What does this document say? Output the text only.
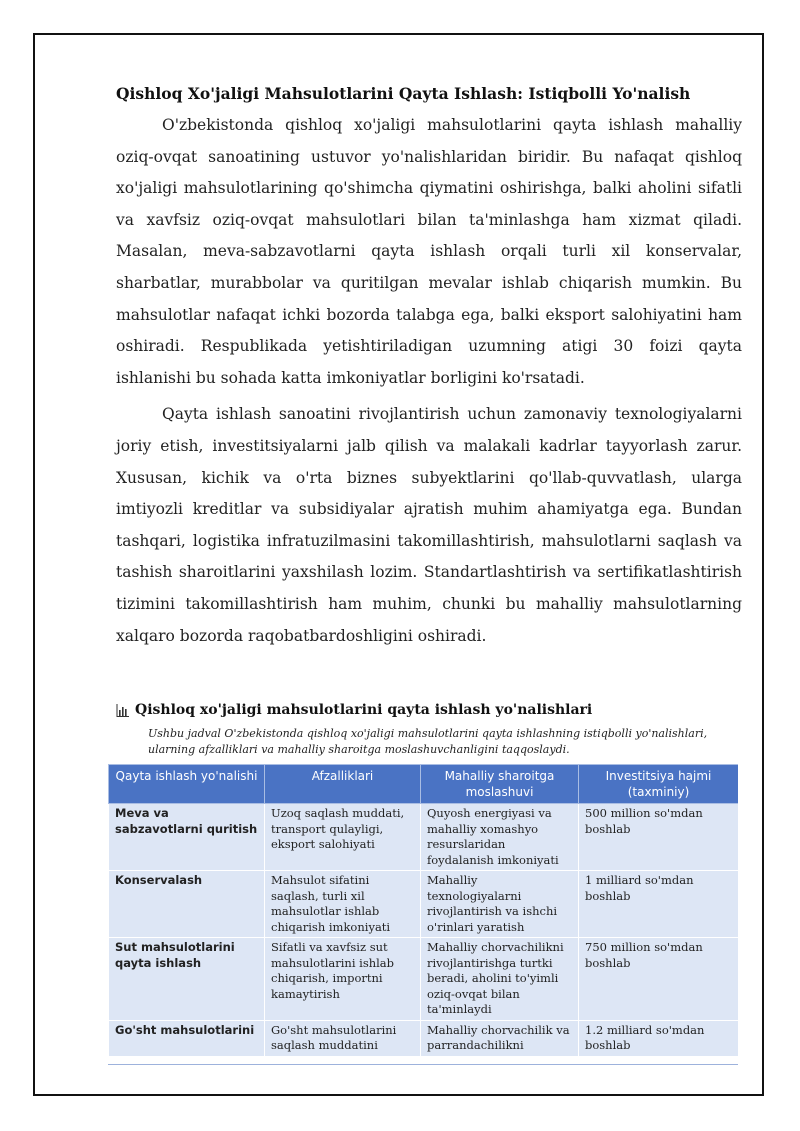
Qishloq Xo'jaligi Mahsulotlarini Qayta Ishlash: Istiqbolli Yo'nalish

O'zbekistonda qishloq xo'jaligi mahsulotlarini qayta ishlash mahalliy oziq-ovqat sanoatining ustuvor yo'nalishlaridan biridir. Bu nafaqat qishloq xo'jaligi mahsulotlarining qo'shimcha qiymatini oshirishga, balki aholini sifatli va xavfsiz oziq-ovqat mahsulotlari bilan ta'minlashga ham xizmat qiladi. Masalan, meva-sabzavotlarni qayta ishlash orqali turli xil konservalar, sharbatlar, murabbolar va quritilgan mevalar ishlab chiqarish mumkin. Bu mahsulotlar nafaqat ichki bozorda talabga ega, balki eksport salohiyatini ham oshiradi. Respublikada yetishtiriladigan uzumning atigi 30 foizi qayta ishlanishi bu sohada katta imkoniyatlar borligini ko'rsatadi.

Qayta ishlash sanoatini rivojlantirish uchun zamonaviy texnologiyalarni joriy etish, investitsiyalarni jalb qilish va malakali kadrlar tayyorlash zarur. Xususan, kichik va o'rta biznes subyektlarini qo'llab-quvvatlash, ularga imtiyozli kreditlar va subsidiyalar ajratish muhim ahamiyatga ega. Bundan tashqari, logistika infratuzilmasini takomillashtirish, mahsulotlarni saqlash va tashish sharoitlarini yaxshilash lozim. Standartlashtirish va sertifikatlashtirish tizimini takomillashtirish ham muhim, chunki bu mahalliy mahsulotlarning xalqaro bozorda raqobatbardoshligini oshiradi.

Qishloq xo'jaligi mahsulotlarini qayta ishlash yo'nalishlari

Ushbu jadval O'zbekistonda qishloq xo'jaligi mahsulotlarini qayta ishlashning istiqbolli yo'nalishlari, ularning afzalliklari va mahalliy sharoitga moslashuvchanligini taqqoslaydi.

Qayta ishlash yo'nalishi	Afzalliklari	Mahalliy sharoitga moslashuvi	Investitsiya hajmi (taxminiy)
Meva va sabzavotlarni quritish	Uzoq saqlash muddati, transport qulayligi, eksport salohiyati	Quyosh energiyasi va mahalliy xomashyo resurslaridan foydalanish imkoniyati	500 million so'mdan boshlab
Konservalash	Mahsulot sifatini saqlash, turli xil mahsulotlar ishlab chiqarish imkoniyati	Mahalliy texnologiyalarni rivojlantirish va ishchi o'rinlari yaratish	1 milliard so'mdan boshlab
Sut mahsulotlarini qayta ishlash	Sifatli va xavfsiz sut mahsulotlarini ishlab chiqarish, importni kamaytirish	Mahalliy chorvachilikni rivojlantirishga turtki beradi, aholini to'yimli oziq-ovqat bilan ta'minlaydi	750 million so'mdan boshlab
Go'sht mahsulotlarini	Go'sht mahsulotlarini saqlash muddatini	Mahalliy chorvachilik va parrandachilikni	1.2 milliard so'mdan boshlab
